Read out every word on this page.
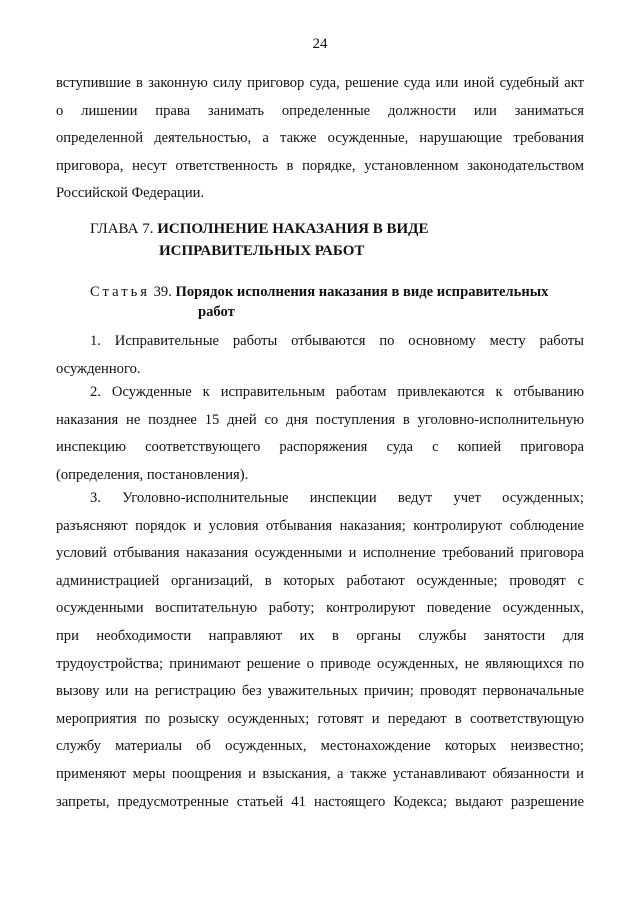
24
вступившие в законную силу приговор суда, решение суда или иной судебный акт
о лишении права занимать определенные должности или заниматься
определенной деятельностью, а также осужденные, нарушающие требования
приговора, несут ответственность в порядке, установленном законодательством
Российской Федерации.
ГЛАВА 7. ИСПОЛНЕНИЕ НАКАЗАНИЯ В ВИДЕ
ИСПРАВИТЕЛЬНЫХ РАБОТ
Статья 39. Порядок исполнения наказания в виде исправительных
работ
1. Исправительные работы отбываются по основному месту работы
осужденного.
2. Осужденные к исправительным работам привлекаются к отбыванию
наказания не позднее 15 дней со дня поступления в уголовно-исполнительную
инспекцию соответствующего распоряжения суда с копией приговора
(определения, постановления).
3. Уголовно-исполнительные инспекции ведут учет осужденных;
разъясняют порядок и условия отбывания наказания; контролируют соблюдение
условий отбывания наказания осужденными и исполнение требований приговора
администрацией организаций, в которых работают осужденные; проводят с
осужденными воспитательную работу; контролируют поведение осужденных,
при необходимости направляют их в органы службы занятости для
трудоустройства; принимают решение о приводе осужденных, не являющихся по
вызову или на регистрацию без уважительных причин; проводят первоначальные
мероприятия по розыску осужденных; готовят и передают в соответствующую
службу материалы об осужденных, местонахождение которых неизвестно;
применяют меры поощрения и взыскания, а также устанавливают обязанности и
запреты, предусмотренные статьей 41 настоящего Кодекса; выдают разрешение
